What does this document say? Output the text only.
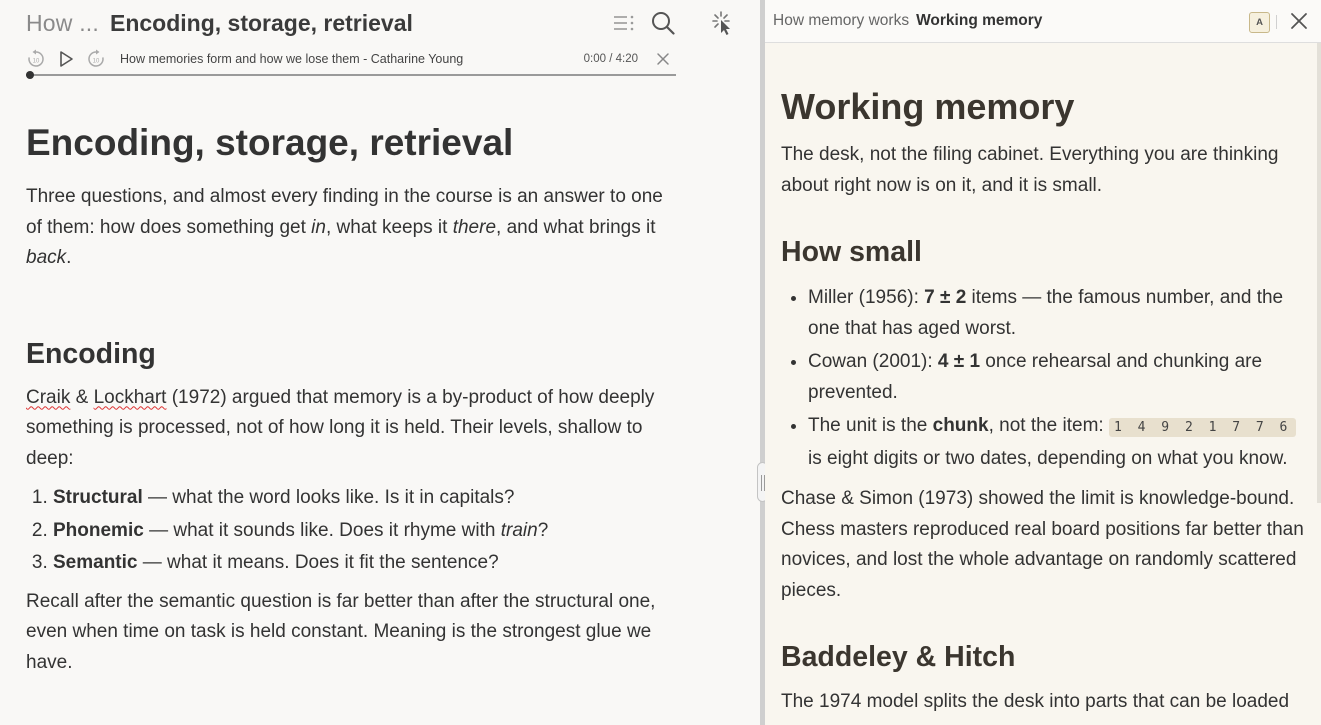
How ... Encoding, storage, retrieval
10	10 How memories form and how we lose them - Catharine Young	0:00 / 4:20
Encoding, storage, retrieval

Three questions, and almost every finding in the course is an answer to one of them: how does something get in, what keeps it there, and what brings it back.

Encoding

Craik & Lockhart (1972) argued that memory is a by-product of how deeply something is processed, not of how long it is held. Their levels, shallow to deep:

1. Structural — what the word looks like. Is it in capitals?
2. Phonemic — what it sounds like. Does it rhyme with train?
3. Semantic — what it means. Does it fit the sentence?

Recall after the semantic question is far better than after the structural one, even when time on task is held constant. Meaning is the strongest glue we have.

How memory works Working memory	A
Working memory

The desk, not the filing cabinet. Everything you are thinking about right now is on it, and it is small.

How small
• Miller (1956): 7 ± 2 items — the famous number, and the one that has aged worst.
• Cowan (2001): 4 ± 1 once rehearsal and chunking are prevented.
• The unit is the chunk, not the item: 1 4 9 2 1 7 7 6 is eight digits or two dates, depending on what you know.

Chase & Simon (1973) showed the limit is knowledge-bound. Chess masters reproduced real board positions far better than novices, and lost the whole advantage on randomly scattered pieces.

Baddeley & Hitch

The 1974 model splits the desk into parts that can be loaded
